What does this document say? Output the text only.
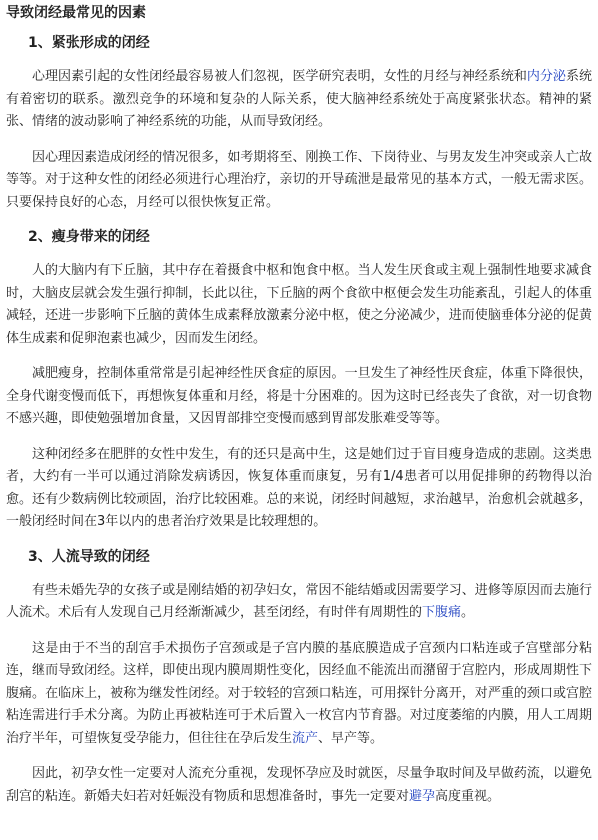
导致闭经最常见的因素
1、紧张形成的闭经

心理因素引起的女性闭经最容易被人们忽视，医学研究表明，女性的月经与神经系统和内分泌系统有着密切的联系。激烈竞争的环境和复杂的人际关系，使大脑神经系统处于高度紧张状态。精神的紧张、情绪的波动影响了神经系统的功能，从而导致闭经。

因心理因素造成闭经的情况很多，如考期将至、刚换工作、下岗待业、与男友发生冲突或亲人亡故等等。对于这种女性的闭经必须进行心理治疗，亲切的开导疏泄是最常见的基本方式，一般无需求医。只要保持良好的心态，月经可以很快恢复正常。

2、瘦身带来的闭经

人的大脑内有下丘脑，其中存在着摄食中枢和饱食中枢。当人发生厌食或主观上强制性地要求减食时，大脑皮层就会发生强行抑制，长此以往，下丘脑的两个食欲中枢便会发生功能紊乱，引起人的体重减轻，还进一步影响下丘脑的黄体生成素释放激素分泌中枢，使之分泌减少，进而使脑垂体分泌的促黄体生成素和促卵泡素也减少，因而发生闭经。

减肥瘦身，控制体重常常是引起神经性厌食症的原因。一旦发生了神经性厌食症，体重下降很快，全身代谢变慢而低下，再想恢复体重和月经，将是十分困难的。因为这时已经丧失了食欲，对一切食物不感兴趣，即使勉强增加食量，又因胃部排空变慢而感到胃部发胀难受等等。

这种闭经多在肥胖的女性中发生，有的还只是高中生，这是她们过于盲目瘦身造成的悲剧。这类患者，大约有一半可以通过消除发病诱因，恢复体重而康复，另有1/4患者可以用促排卵的药物得以治愈。还有少数病例比较顽固，治疗比较困难。总的来说，闭经时间越短，求治越早，治愈机会就越多，一般闭经时间在3年以内的患者治疗效果是比较理想的。

3、人流导致的闭经

有些未婚先孕的女孩子或是刚结婚的初孕妇女，常因不能结婚或因需要学习、进修等原因而去施行人流术。术后有人发现自己月经渐渐减少，甚至闭经，有时伴有周期性的下腹痛。

这是由于不当的刮宫手术损伤子宫颈或是子宫内膜的基底膜造成子宫颈内口粘连或子宫壁部分粘连，继而导致闭经。这样，即使出现内膜周期性变化，因经血不能流出而潴留于宫腔内，形成周期性下腹痛。在临床上，被称为继发性闭经。对于较轻的宫颈口粘连，可用探针分离开，对严重的颈口或宫腔粘连需进行手术分离。为防止再被粘连可于术后置入一枚宫内节育器。对过度萎缩的内膜，用人工周期治疗半年，可望恢复受孕能力，但往往在孕后发生流产、早产等。

因此，初孕女性一定要对人流充分重视，发现怀孕应及时就医，尽量争取时间及早做药流，以避免刮宫的粘连。新婚夫妇若对妊娠没有物质和思想准备时，事先一定要对避孕高度重视。
